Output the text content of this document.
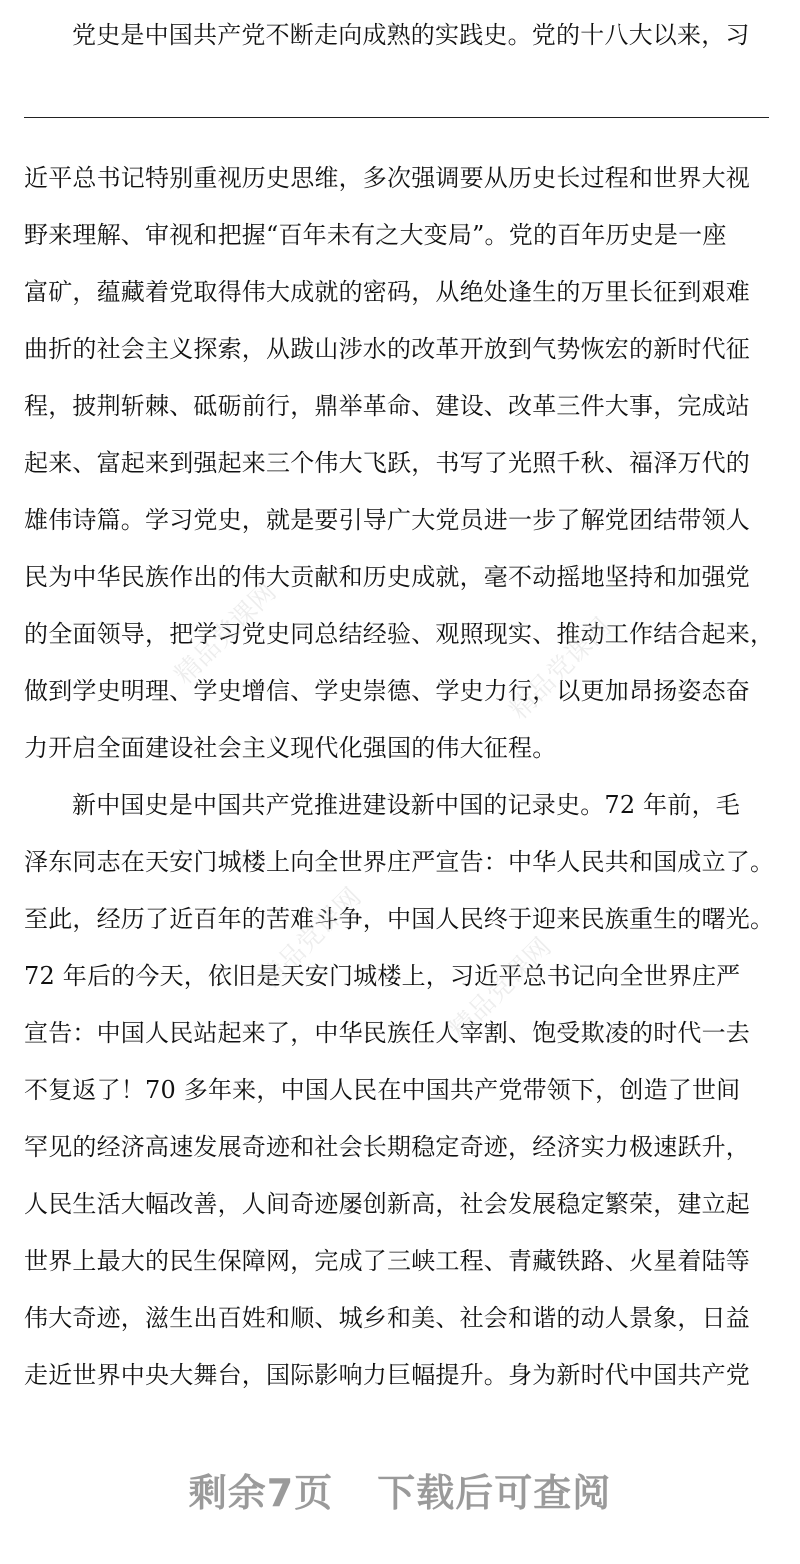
党史是中国共产党不断走向成熟的实践史。党的十八大以来，习
近平总书记特别重视历史思维，多次强调要从历史长过程和世界大视
野来理解、审视和把握“百年未有之大变局”。党的百年历史是一座
富矿，蕴藏着党取得伟大成就的密码，从绝处逢生的万里长征到艰难
曲折的社会主义探索，从跋山涉水的改革开放到气势恢宏的新时代征
程，披荆斩棘、砥砺前行，鼎举革命、建设、改革三件大事，完成站
起来、富起来到强起来三个伟大飞跃，书写了光照千秋、福泽万代的
雄伟诗篇。学习党史，就是要引导广大党员进一步了解党团结带领人
民为中华民族作出的伟大贡献和历史成就，毫不动摇地坚持和加强党
的全面领导，把学习党史同总结经验、观照现实、推动工作结合起来，
做到学史明理、学史增信、学史崇德、学史力行，以更加昂扬姿态奋
力开启全面建设社会主义现代化强国的伟大征程。
新中国史是中国共产党推进建设新中国的记录史。72 年前，毛
泽东同志在天安门城楼上向全世界庄严宣告：中华人民共和国成立了。
至此，经历了近百年的苦难斗争，中国人民终于迎来民族重生的曙光。
72 年后的今天，依旧是天安门城楼上，习近平总书记向全世界庄严
宣告：中国人民站起来了，中华民族任人宰割、饱受欺凌的时代一去
不复返了！70 多年来，中国人民在中国共产党带领下，创造了世间
罕见的经济高速发展奇迹和社会长期稳定奇迹，经济实力极速跃升，
人民生活大幅改善，人间奇迹屡创新高，社会发展稳定繁荣，建立起
世界上最大的民生保障网，完成了三峡工程、青藏铁路、火星着陆等
伟大奇迹，滋生出百姓和顺、城乡和美、社会和谐的动人景象，日益
走近世界中央大舞台，国际影响力巨幅提升。身为新时代中国共产党
精品党课网	精品党课网
精品党课网	精品党课网
剩余7页 下载后可查阅
